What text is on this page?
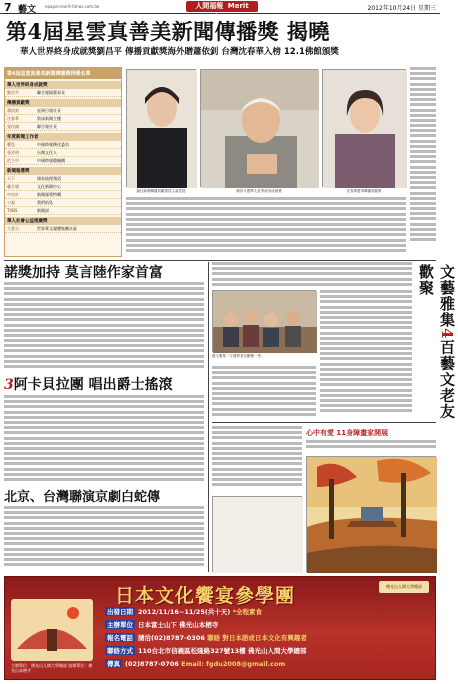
7 藝文 epaper.merit-times.com.tw	人間福報 Merit Times
2012年10月24日 星期三
第4屆星雲真善美新聞傳播獎 揭曉
華人世界終身成就獎劉昌平 傳播貢獻獎海外贈蕭依釗 台灣沈春華入榜 12.1佛館頒獎
第4屆星雲真善美新聞傳播獎得獎名單
華人世界終身成就獎
劉昌平	聯合報副董事長
傳播貢獻獎
蕭依釗	星洲日報社長
沈春華	資深新聞主播
張作錦	聯合報社長
年度新聞工作者
寶島	中國時報撰述委員
張芳明	台灣文化人
范立中	中國時報總編輯
新聞報導獎
天下	國家地理頻道
聯合報	文化新聞中心
中央社	新聞報導特輯
公視	我們的島
TVBS	新聞部
華人社會公益推廣獎
大愛台	世界華文媒體集團社區
最佳新聞傳播貢獻獎得主蕭依釗	劉昌平獲華人世界終身成就獎	沈春華獲得傳播貢獻獎
諾獎加持 莫言陸作家首富
3阿卡貝拉團 唱出爵士搖滾
北京、台灣聯演京劇白蛇傳
藝文雅集「文藝界老友歡聚一堂」
文藝雅集4百藝文老友歡聚
心中有愛 11身障畫家開展
日本文化饗宴參學團	佛光山人間大學總部
主辦單位：佛光山人間大學總部 協辦單位：佛光山本栖寺
出發日期 2012/11/16~11/25(共十天) *全程素食
主辦單位 日本富士山下 佛光山本栖寺
報名電話 請洽(02)8787-0306 聯絡 對日本語或日本文化有興趣者
聯絡方式 110台北市信義區松隆路327號13樓 佛光山人間大學總部
傳真 (02)8787-0706 Email: fgdu2008@gmail.com
